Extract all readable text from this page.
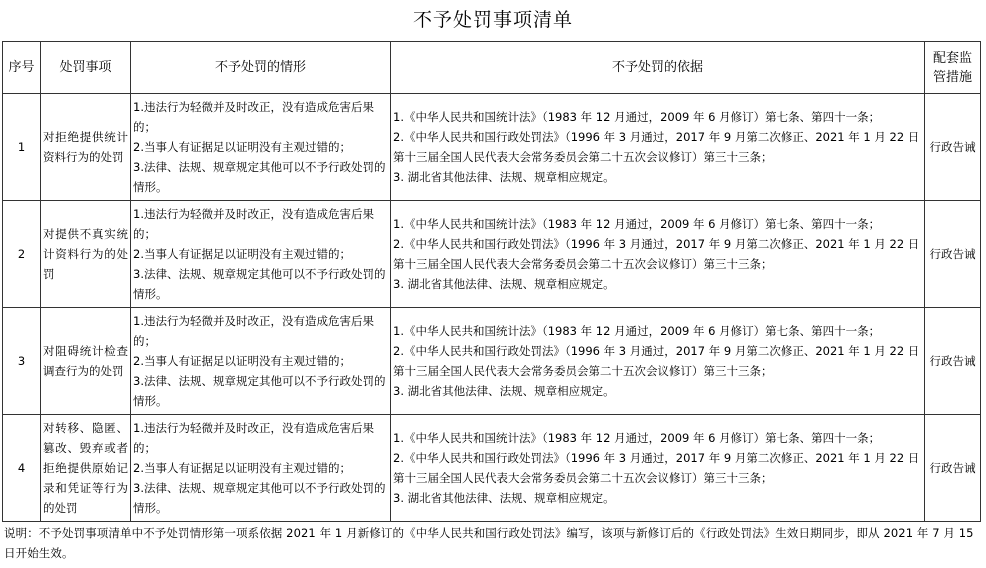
不予处罚事项清单
序号	处罚事项	不予处罚的情形	不予处罚的依据	配套监管措施
1	对拒绝提供统计资料行为的处罚	1.违法行为轻微并及时改正，没有造成危害后果的；
2.当事人有证据足以证明没有主观过错的；
3.法律、法规、规章规定其他可以不予行政处罚的情形。	1.《中华人民共和国统计法》（1983 年 12 月通过，2009 年 6 月修订）第七条、第四十一条；
2.《中华人民共和国行政处罚法》（1996 年 3 月通过，2017 年 9 月第二次修正、2021 年 1 月 22 日第十三届全国人民代表大会常务委员会第二十五次会议修订）第三十三条；
3. 湖北省其他法律、法规、规章相应规定。	行政告诫
2	对提供不真实统计资料行为的处罚	1.违法行为轻微并及时改正，没有造成危害后果的；
2.当事人有证据足以证明没有主观过错的；
3.法律、法规、规章规定其他可以不予行政处罚的情形。	1.《中华人民共和国统计法》（1983 年 12 月通过，2009 年 6 月修订）第七条、第四十一条；
2.《中华人民共和国行政处罚法》（1996 年 3 月通过，2017 年 9 月第二次修正、2021 年 1 月 22 日第十三届全国人民代表大会常务委员会第二十五次会议修订）第三十三条；
3. 湖北省其他法律、法规、规章相应规定。	行政告诫
3	对阻碍统计检查调查行为的处罚	1.违法行为轻微并及时改正，没有造成危害后果的；
2.当事人有证据足以证明没有主观过错的；
3.法律、法规、规章规定其他可以不予行政处罚的情形。	1.《中华人民共和国统计法》（1983 年 12 月通过，2009 年 6 月修订）第七条、第四十一条；
2.《中华人民共和国行政处罚法》（1996 年 3 月通过，2017 年 9 月第二次修正、2021 年 1 月 22 日第十三届全国人民代表大会常务委员会第二十五次会议修订）第三十三条；
3. 湖北省其他法律、法规、规章相应规定。	行政告诫
4	对转移、隐匿、篡改、毁弃或者拒绝提供原始记录和凭证等行为的处罚	1.违法行为轻微并及时改正，没有造成危害后果的；
2.当事人有证据足以证明没有主观过错的；
3.法律、法规、规章规定其他可以不予行政处罚的情形。	1.《中华人民共和国统计法》（1983 年 12 月通过，2009 年 6 月修订）第七条、第四十一条；
2.《中华人民共和国行政处罚法》（1996 年 3 月通过，2017 年 9 月第二次修正、2021 年 1 月 22 日第十三届全国人民代表大会常务委员会第二十五次会议修订）第三十三条；
3. 湖北省其他法律、法规、规章相应规定。	行政告诫
说明：不予处罚事项清单中不予处罚情形第一项系依据 2021 年 1 月新修订的《中华人民共和国行政处罚法》编写，该项与新修订后的《行政处罚法》生效日期同步，即从 2021 年 7 月 15 日开始生效。
